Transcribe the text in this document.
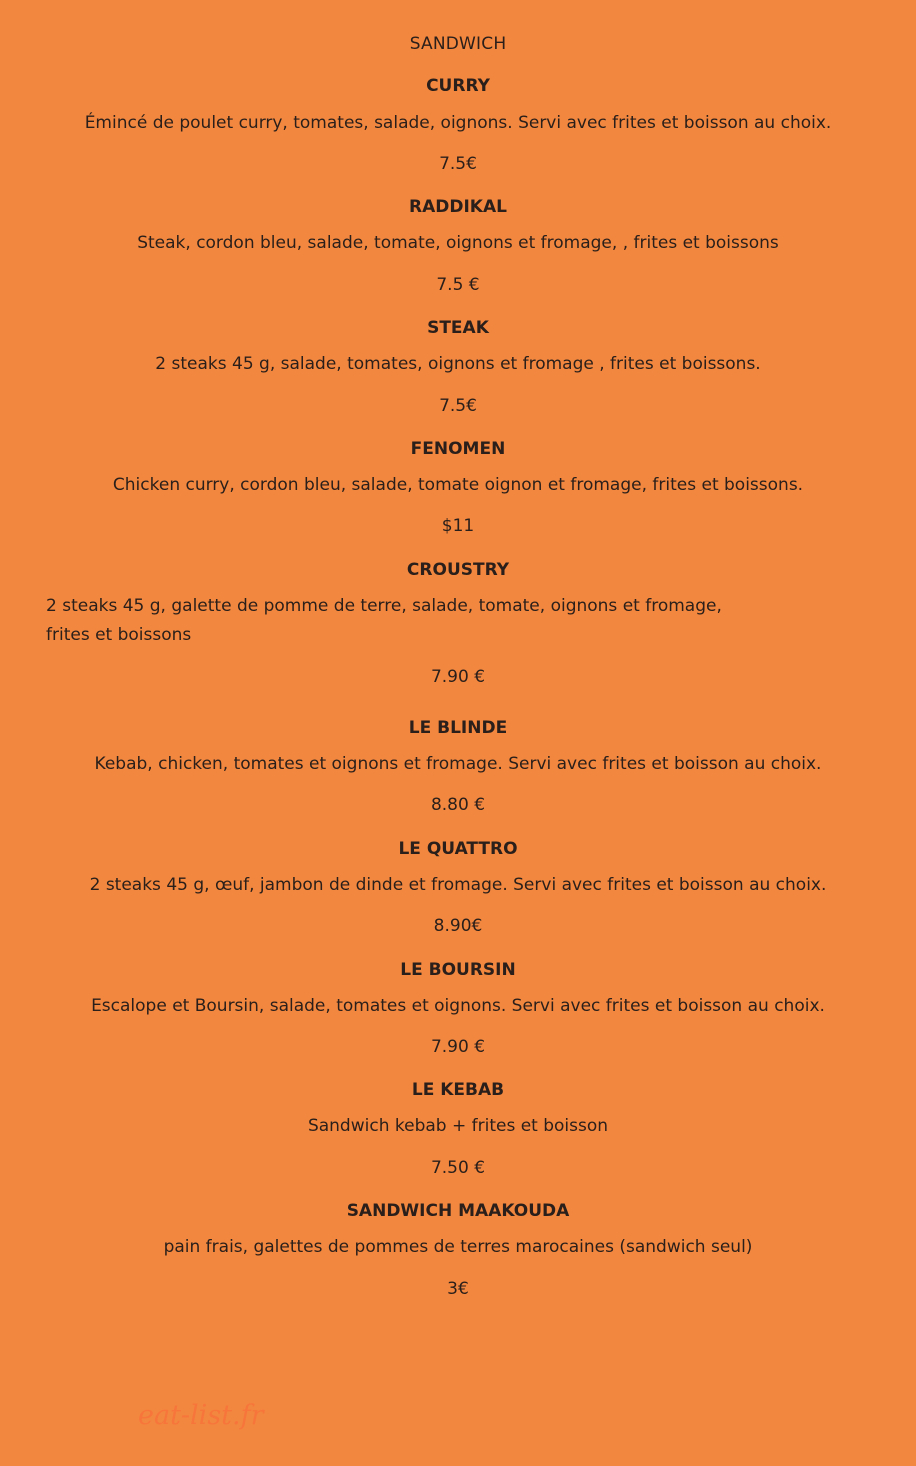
SANDWICH
CURRY
Émincé de poulet curry, tomates, salade, oignons. Servi avec frites et boisson au choix.
7.5€
RADDIKAL
Steak, cordon bleu, salade, tomate, oignons et fromage, , frites et boissons
7.5 €
STEAK
2 steaks 45 g, salade, tomates, oignons et fromage , frites et boissons.
7.5€
FENOMEN
Chicken curry, cordon bleu, salade, tomate oignon et fromage, frites et boissons.
$11
CROUSTRY
2 steaks 45 g, galette de pomme de terre, salade, tomate, oignons et fromage, frites et boissons
7.90 €
LE BLINDE
Kebab, chicken, tomates et oignons et fromage. Servi avec frites et boisson au choix.
8.80 €
LE QUATTRO
2 steaks 45 g, œuf, jambon de dinde et fromage. Servi avec frites et boisson au choix.
8.90€
LE BOURSIN
Escalope et Boursin, salade, tomates et oignons. Servi avec frites et boisson au choix.
7.90 €
LE KEBAB
Sandwich kebab + frites et boisson
7.50 €
SANDWICH MAAKOUDA
pain frais, galettes de pommes de terres marocaines (sandwich seul)
3€
eat-list.fr
